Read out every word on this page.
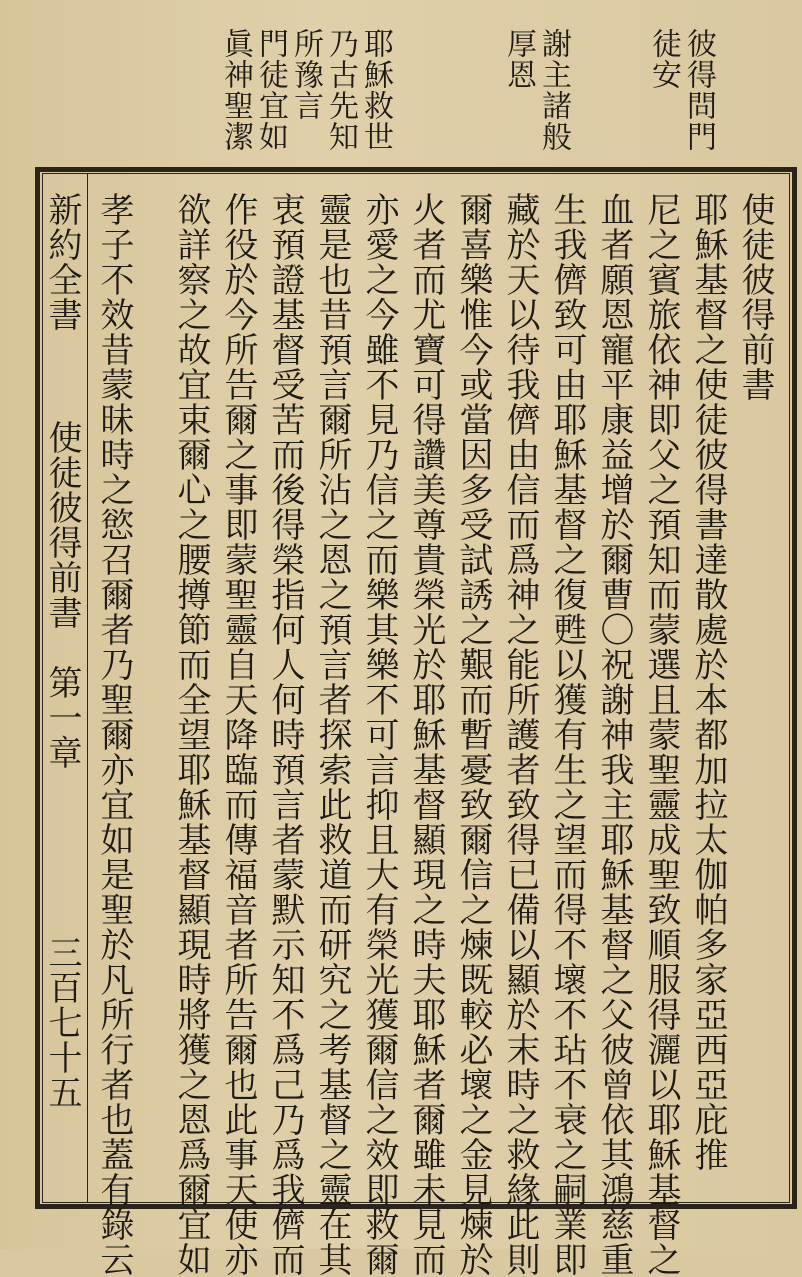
彼得問門
徒安
謝主諸般
厚恩
耶穌救世
乃古先知
所豫言
門徒宜如
眞神聖潔
使徒彼得前書
耶穌基督之使徒彼得書達散處於本都加拉太伽帕多家亞西亞庇推
尼之賓旅依神即父之預知而蒙選且蒙聖靈成聖致順服得灑以耶穌基督之
血者願恩寵平康益增於爾曹〇祝謝神我主耶穌基督之父彼曾依其鴻慈重
生我儕致可由耶穌基督之復甦以獲有生之望而得不壞不玷不衰之嗣業即
藏於天以待我儕由信而爲神之能所護者致得已備以顯於末時之救緣此則
爾喜樂惟今或當因多受試誘之艱而暫憂致爾信之煉既較必壞之金見煉於
火者而尤寶可得讚美尊貴榮光於耶穌基督顯現之時夫耶穌者爾雖未見而
亦愛之今雖不見乃信之而樂其樂不可言抑且大有榮光獲爾信之效即救爾
靈是也昔預言爾所沾之恩之預言者探索此救道而研究之考基督之靈在其
衷預證基督受苦而後得榮指何人何時預言者蒙默示知不爲己乃爲我儕而
作役於今所告爾之事即蒙聖靈自天降臨而傳福音者所告爾也此事天使亦
欲詳察之故宜束爾心之腰撙節而全望耶穌基督顯現時將獲之恩爲爾宜如
孝子不效昔蒙昧時之慾召爾者乃聖爾亦宜如是聖於凡所行者也蓋有錄云
新約全書
使徒彼得前書　第一章
三百七十五
